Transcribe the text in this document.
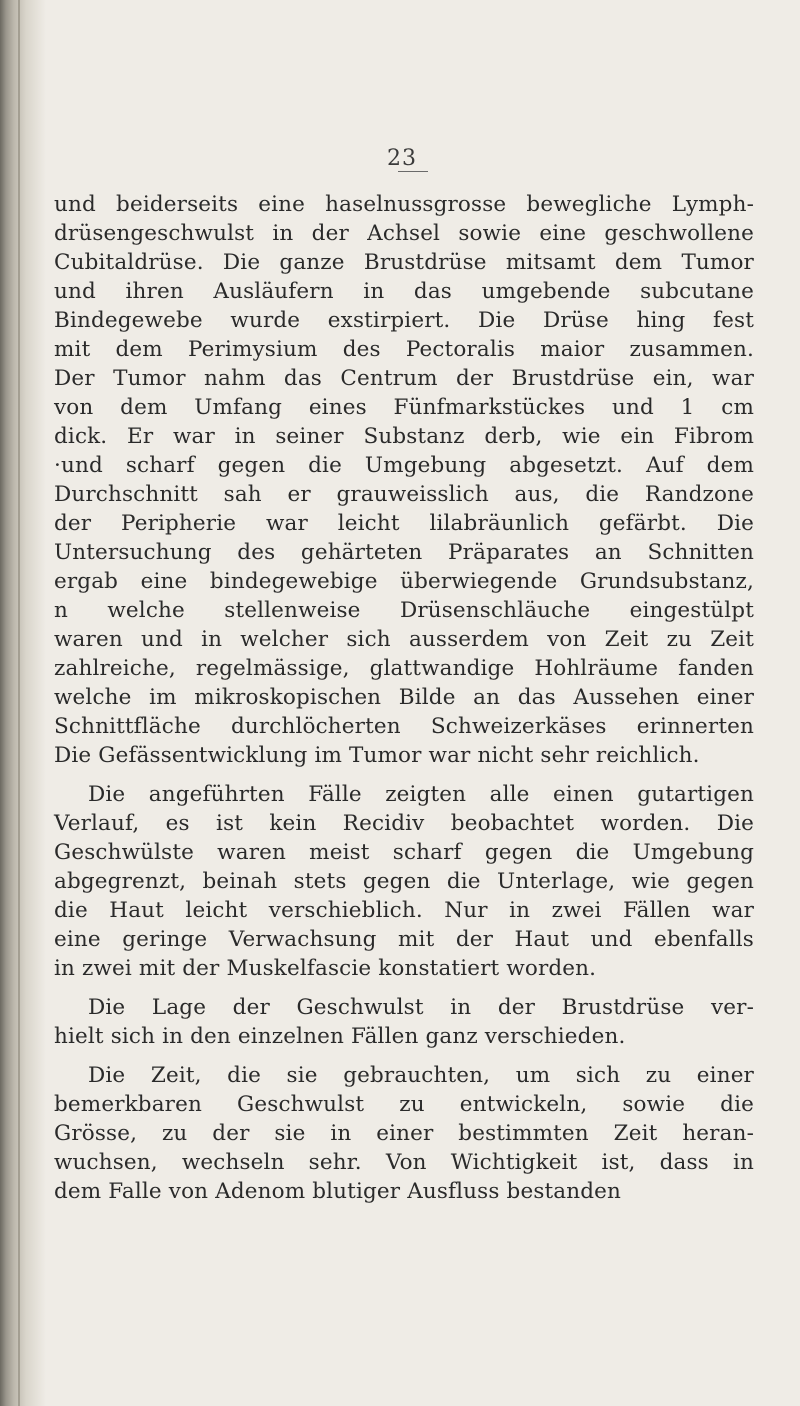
23
und beiderseits eine haselnussgrosse bewegliche Lymph-
drüsengeschwulst in der Achsel sowie eine geschwollene
Cubitaldrüse. Die ganze Brustdrüse mitsamt dem Tumor
und ihren Ausläufern in das umgebende subcutane
Bindegewebe wurde exstirpiert. Die Drüse hing fest
mit dem Perimysium des Pectoralis maior zusammen.
Der Tumor nahm das Centrum der Brustdrüse ein, war
von dem Umfang eines Fünfmarkstückes und 1 cm
dick. Er war in seiner Substanz derb, wie ein Fibrom
·und scharf gegen die Umgebung abgesetzt. Auf dem
Durchschnitt sah er grauweisslich aus, die Randzone
der Peripherie war leicht lilabräunlich gefärbt. Die
Untersuchung des gehärteten Präparates an Schnitten
ergab eine bindegewebige überwiegende Grundsubstanz,
n welche stellenweise Drüsenschläuche eingestülpt
waren und in welcher sich ausserdem von Zeit zu Zeit
zahlreiche, regelmässige, glattwandige Hohlräume fanden
welche im mikroskopischen Bilde an das Aussehen einer
Schnittfläche durchlöcherten Schweizerkäses erinnerten
Die Gefässentwicklung im Tumor war nicht sehr reichlich.
Die angeführten Fälle zeigten alle einen gutartigen
Verlauf, es ist kein Recidiv beobachtet worden. Die
Geschwülste waren meist scharf gegen die Umgebung
abgegrenzt, beinah stets gegen die Unterlage, wie gegen
die Haut leicht verschieblich. Nur in zwei Fällen war
eine geringe Verwachsung mit der Haut und ebenfalls
in zwei mit der Muskelfascie konstatiert worden.
Die Lage der Geschwulst in der Brustdrüse ver-
hielt sich in den einzelnen Fällen ganz verschieden.
Die Zeit, die sie gebrauchten, um sich zu einer
bemerkbaren Geschwulst zu entwickeln, sowie die
Grösse, zu der sie in einer bestimmten Zeit heran-
wuchsen, wechseln sehr. Von Wichtigkeit ist, dass in
dem Falle von Adenom blutiger Ausfluss bestanden
